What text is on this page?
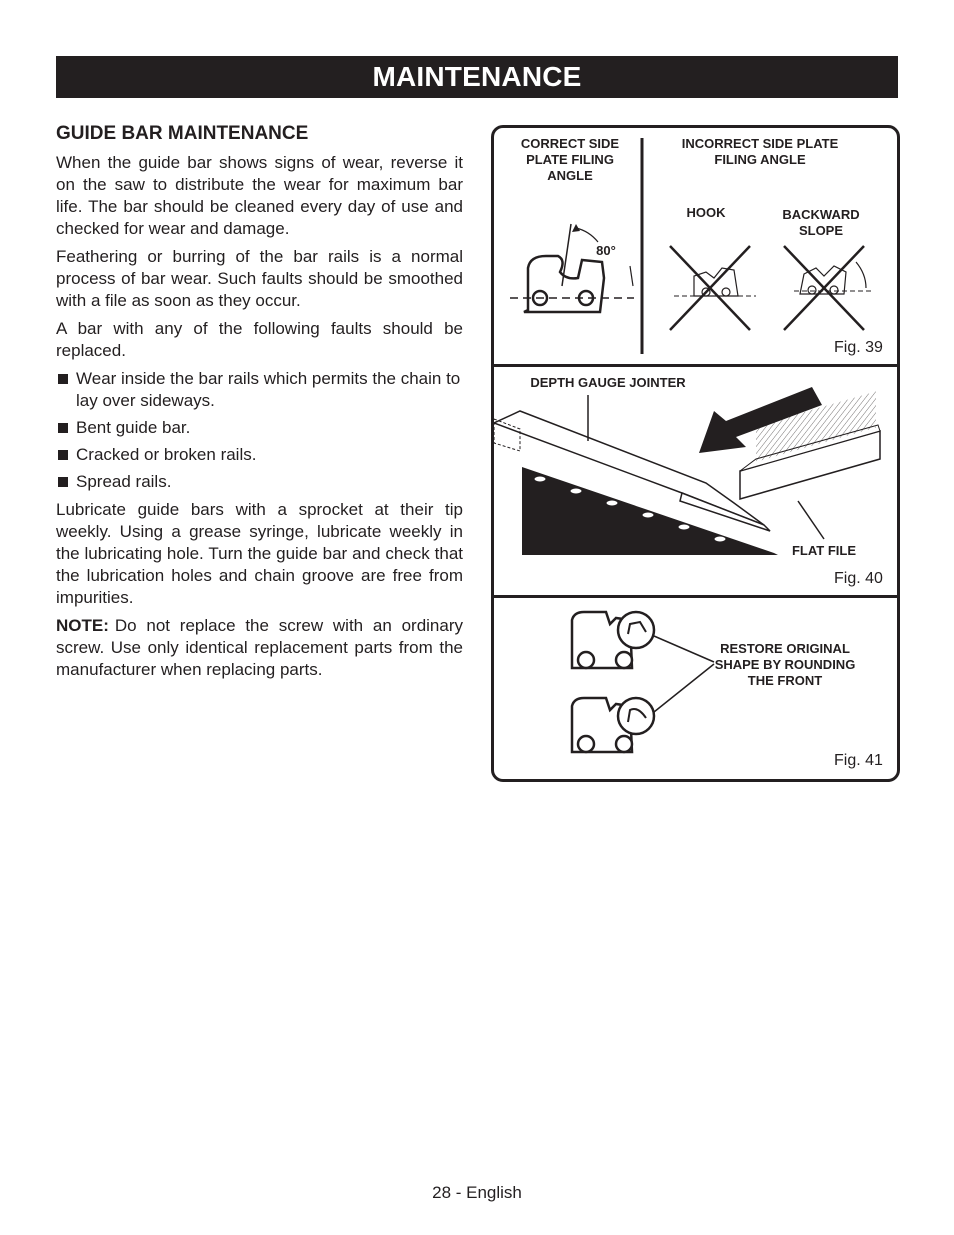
MAINTENANCE
GUIDE BAR MAINTENANCE

When the guide bar shows signs of wear, reverse it on the saw to distribute the wear for maximum bar life. The bar should be cleaned every day of use and checked for wear and damage.

Feathering or burring of the bar rails is a normal process of bar wear. Such faults should be smoothed with a file as soon as they occur.

A bar with any of the following faults should be replaced.

Wear inside the bar rails which permits the chain to lay over sideways.
Bent guide bar.
Cracked or broken rails.
Spread rails.

Lubricate guide bars with a sprocket at their tip weekly. Using a grease syringe, lubricate weekly in the lubricating hole. Turn the guide bar and check that the lubrication holes and chain groove are free from impurities.

NOTE: Do not replace the screw with an ordinary screw. Use only identical replacement parts from the manufacturer when replacing parts.

CORRECT SIDE PLATE FILING ANGLE
INCORRECT SIDE PLATE FILING ANGLE
HOOK	BACKWARD SLOPE
80°
Fig. 39
DEPTH GAUGE JOINTER
FLAT FILE
Fig. 40
RESTORE ORIGINAL SHAPE BY ROUNDING THE FRONT
Fig. 41
28 - English
